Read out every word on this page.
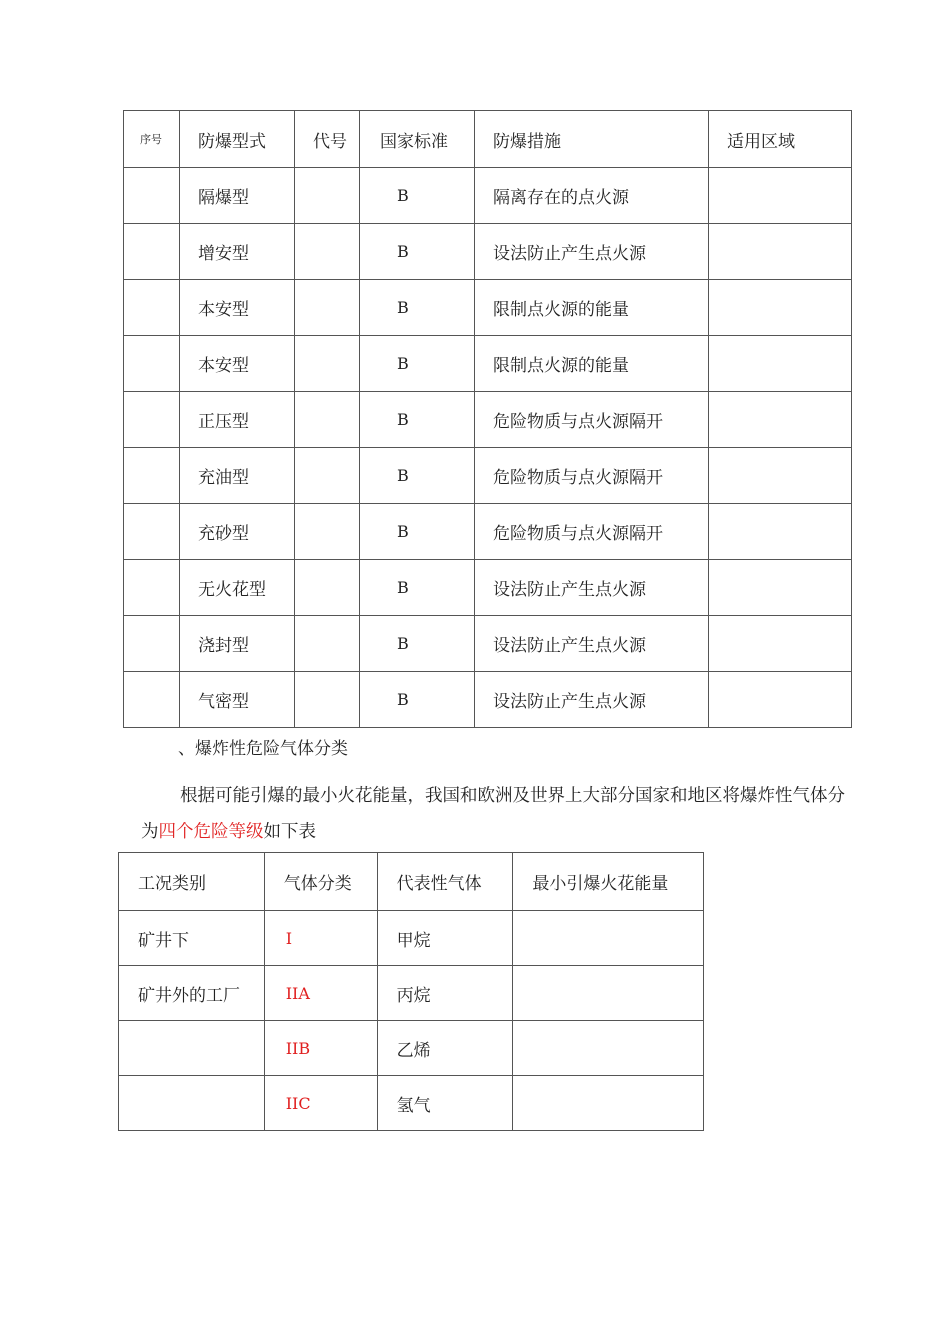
序号	防爆型式	代号	国家标准	防爆措施	适用区域
	隔爆型		B	隔离存在的点火源	
	增安型		B	设法防止产生点火源	
	本安型		B	限制点火源的能量	
	本安型		B	限制点火源的能量	
	正压型		B	危险物质与点火源隔开	
	充油型		B	危险物质与点火源隔开	
	充砂型		B	危险物质与点火源隔开	
	无火花型		B	设法防止产生点火源	
	浇封型		B	设法防止产生点火源	
	气密型		B	设法防止产生点火源	
、爆炸性危险气体分类
根据可能引爆的最小火花能量，我国和欧洲及世界上大部分国家和地区将爆炸性气体分为四个危险等级如下表
工况类别	气体分类	代表性气体	最小引爆火花能量
矿井下	I	甲烷	
矿井外的工厂	IIA	丙烷	
	IIB	乙烯	
	IIC	氢气	
